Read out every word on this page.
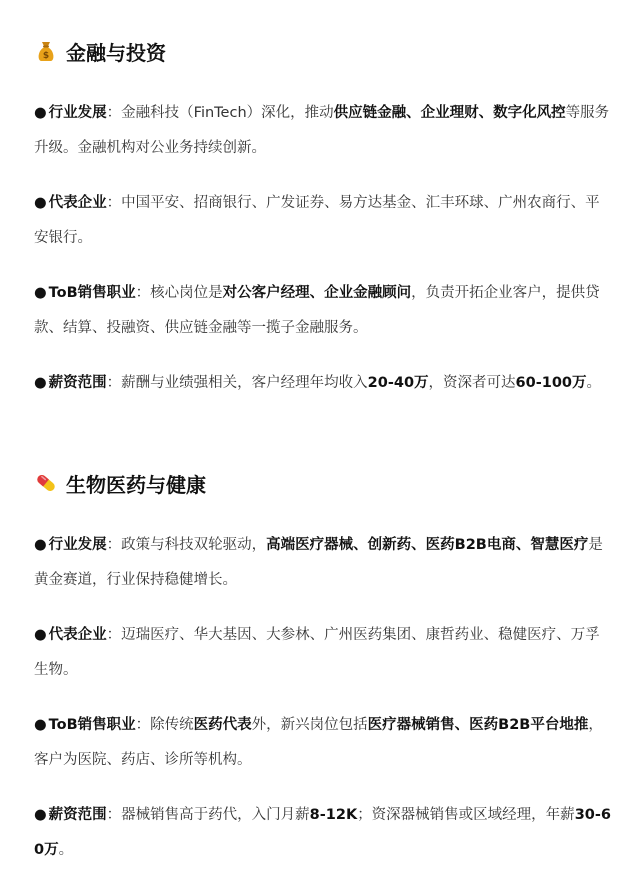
$ 金融与投资
● 行业发展：金融科技（FinTech）深化，推动供应链金融、企业理财、数字化风控等服务升级。金融机构对公业务持续创新。
● 代表企业：中国平安、招商银行、广发证券、易方达基金、汇丰环球、广州农商行、平安银行。
● ToB销售职业：核心岗位是对公客户经理、企业金融顾问，负责开拓企业客户，提供贷款、结算、投融资、供应链金融等一揽子金融服务。
● 薪资范围：薪酬与业绩强相关，客户经理年均收入20-40万，资深者可达60-100万。
生物医药与健康
● 行业发展：政策与科技双轮驱动，高端医疗器械、创新药、医药B2B电商、智慧医疗是黄金赛道，行业保持稳健增长。
● 代表企业：迈瑞医疗、华大基因、大参林、广州医药集团、康哲药业、稳健医疗、万孚生物。
● ToB销售职业：除传统医药代表外，新兴岗位包括医疗器械销售、医药B2B平台地推，客户为医院、药店、诊所等机构。
● 薪资范围：器械销售高于药代，入门月薪8-12K；资深器械销售或区域经理，年薪30-60万。
